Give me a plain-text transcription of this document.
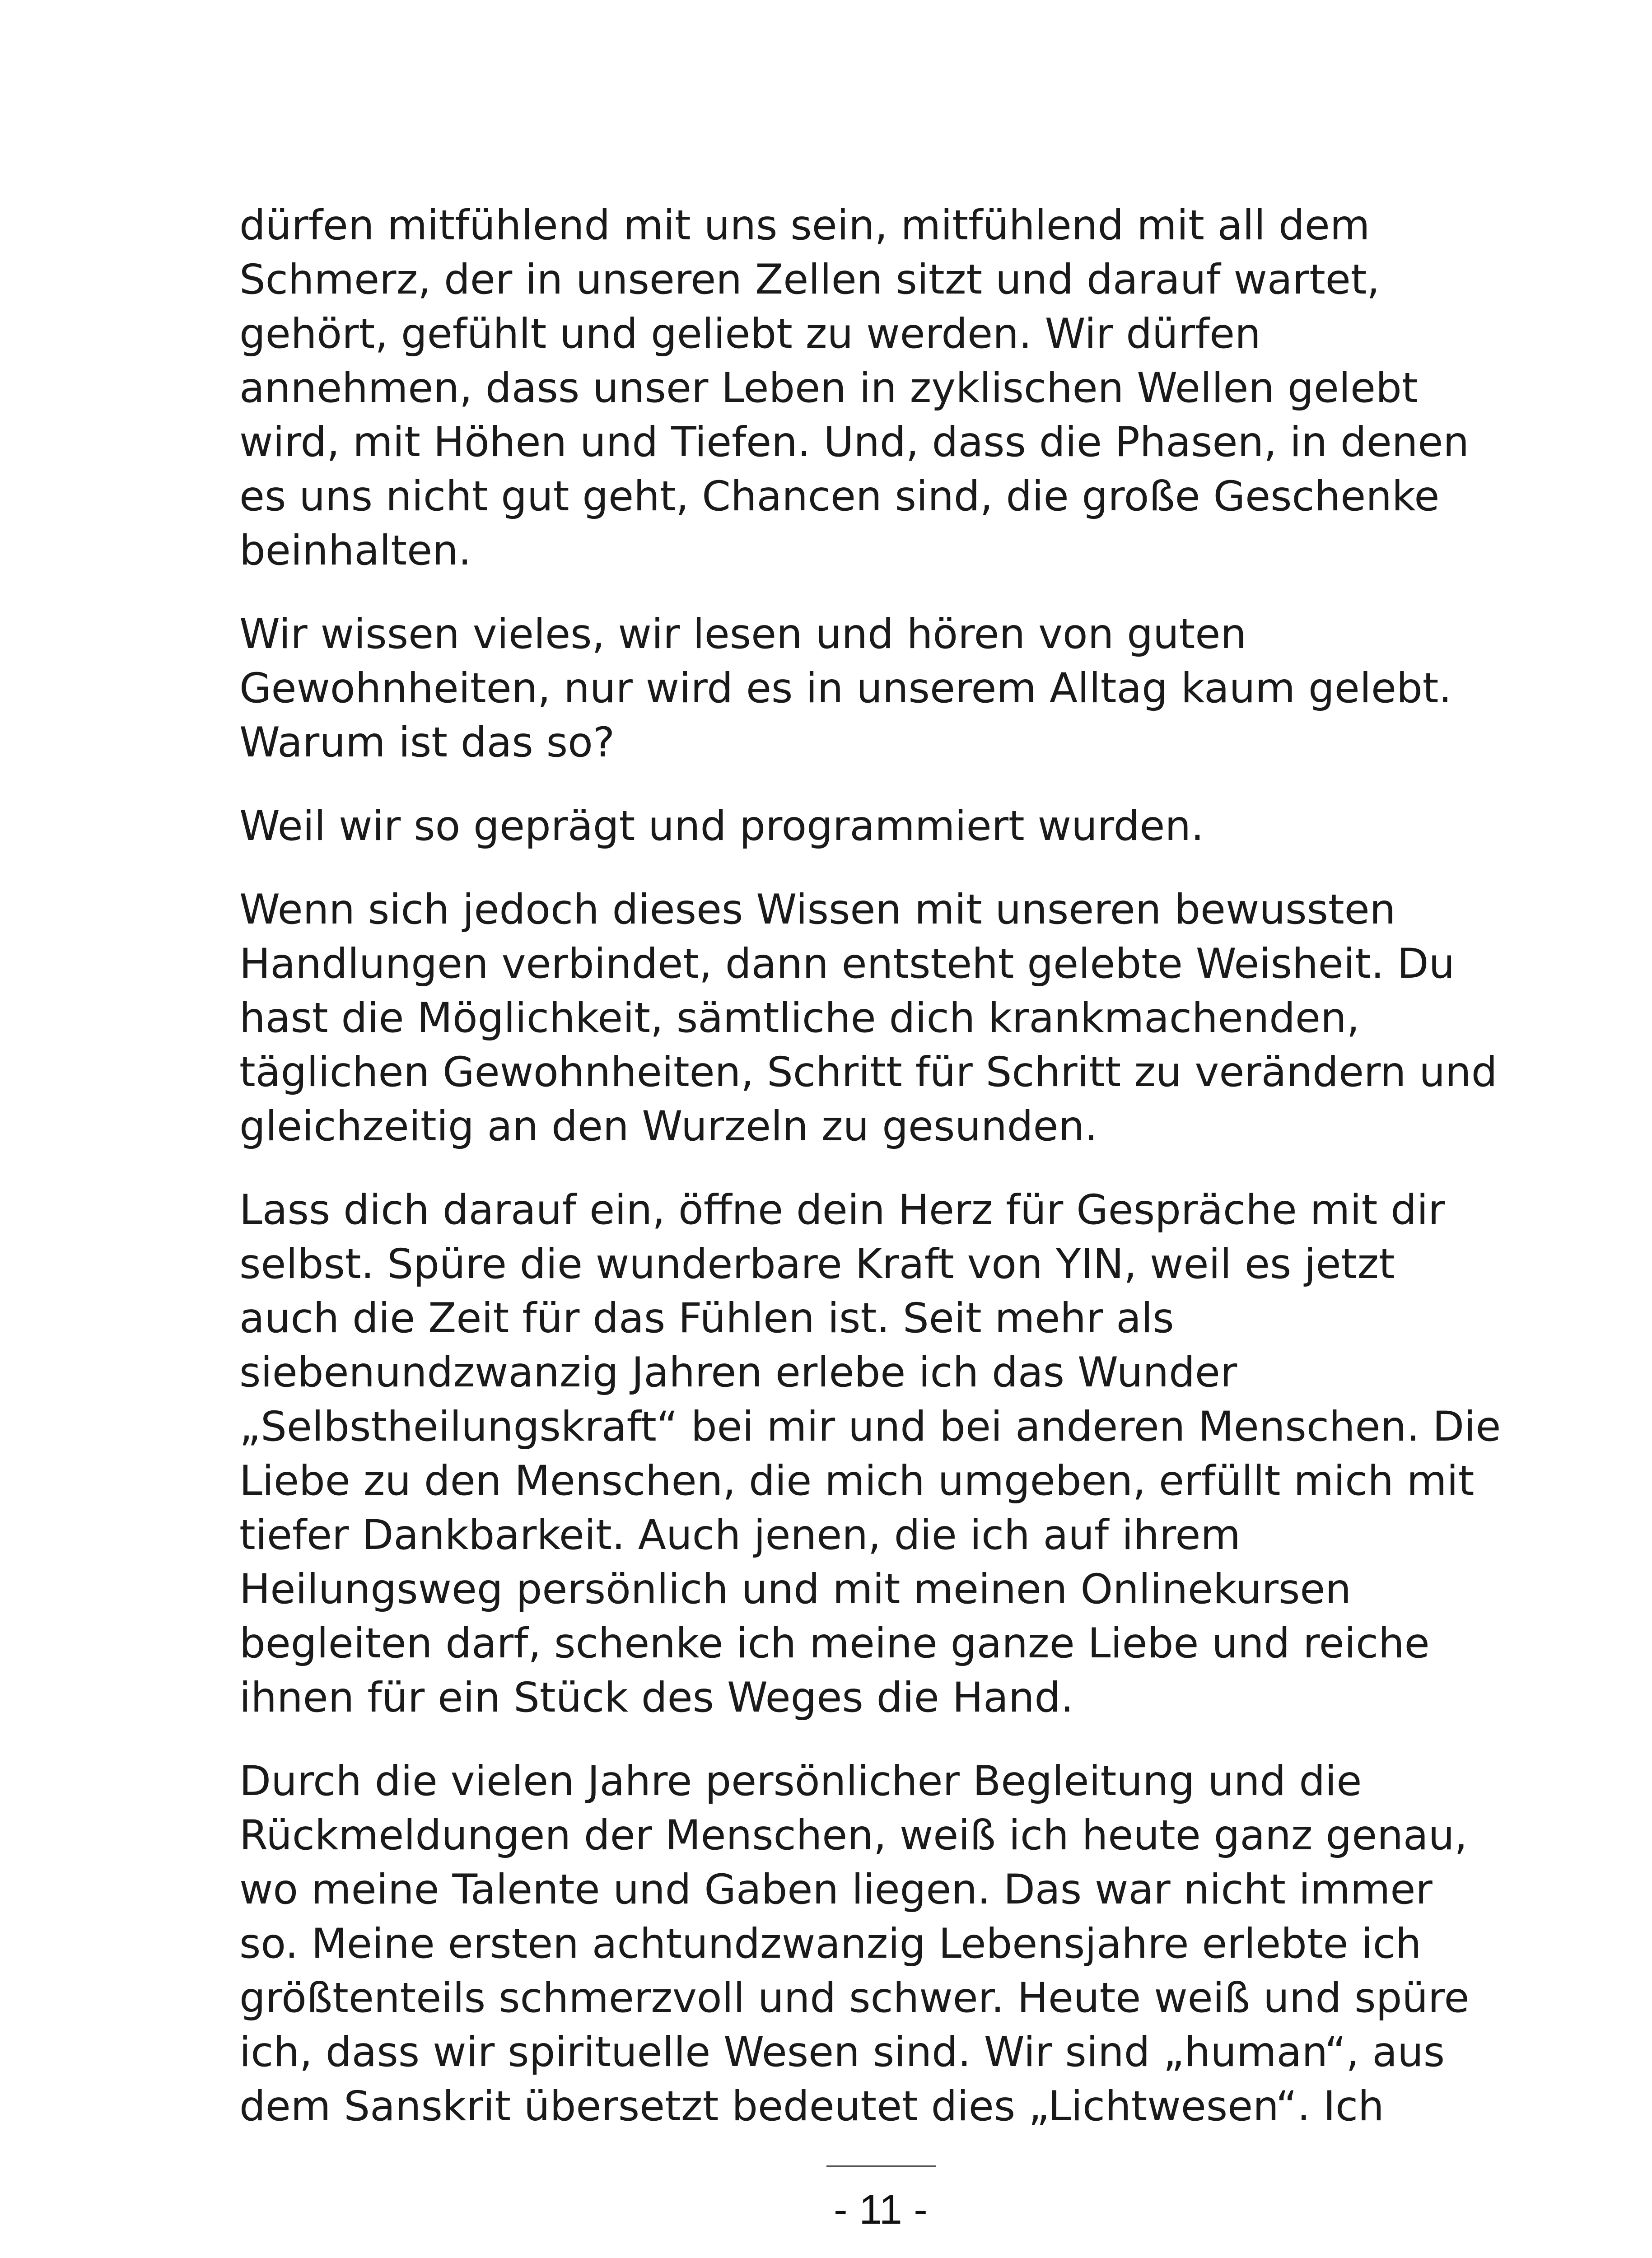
dürfen mitfühlend mit uns sein, mitfühlend mit all dem
Schmerz, der in unseren Zellen sitzt und darauf wartet,
gehört, gefühlt und geliebt zu werden. Wir dürfen
annehmen, dass unser Leben in zyklischen Wellen gelebt
wird, mit Höhen und Tiefen. Und, dass die Phasen, in denen
es uns nicht gut geht, Chancen sind, die große Geschenke
beinhalten.

Wir wissen vieles, wir lesen und hören von guten
Gewohnheiten, nur wird es in unserem Alltag kaum gelebt.
Warum ist das so?

Weil wir so geprägt und programmiert wurden.

Wenn sich jedoch dieses Wissen mit unseren bewussten
Handlungen verbindet, dann entsteht gelebte Weisheit. Du
hast die Möglichkeit, sämtliche dich krankmachenden,
täglichen Gewohnheiten, Schritt für Schritt zu verändern und
gleichzeitig an den Wurzeln zu gesunden.

Lass dich darauf ein, öffne dein Herz für Gespräche mit dir
selbst. Spüre die wunderbare Kraft von YIN, weil es jetzt
auch die Zeit für das Fühlen ist. Seit mehr als
siebenundzwanzig Jahren erlebe ich das Wunder
„Selbstheilungskraft“ bei mir und bei anderen Menschen. Die
Liebe zu den Menschen, die mich umgeben, erfüllt mich mit
tiefer Dankbarkeit. Auch jenen, die ich auf ihrem
Heilungsweg persönlich und mit meinen Onlinekursen
begleiten darf, schenke ich meine ganze Liebe und reiche
ihnen für ein Stück des Weges die Hand.

Durch die vielen Jahre persönlicher Begleitung und die
Rückmeldungen der Menschen, weiß ich heute ganz genau,
wo meine Talente und Gaben liegen. Das war nicht immer
so. Meine ersten achtundzwanzig Lebensjahre erlebte ich
größtenteils schmerzvoll und schwer. Heute weiß und spüre
ich, dass wir spirituelle Wesen sind. Wir sind „human“, aus
dem Sanskrit übersetzt bedeutet dies „Lichtwesen“. Ich

- 11 -
